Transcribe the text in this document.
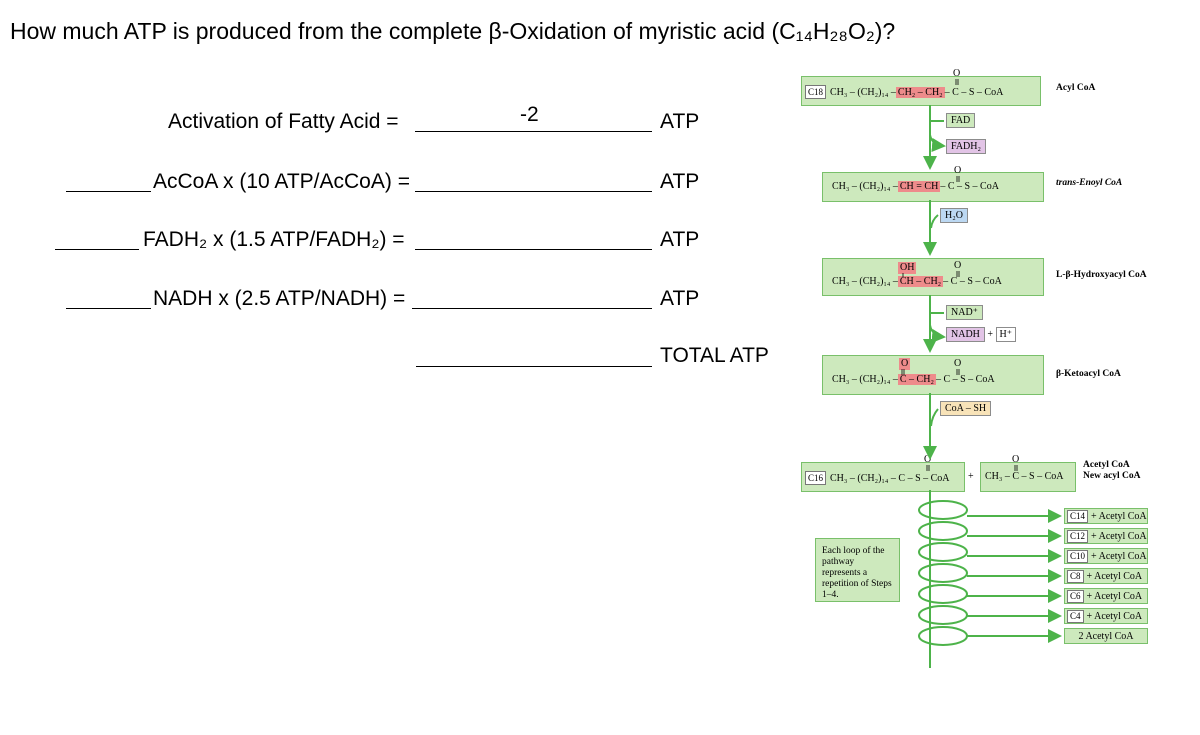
How much ATP is produced from the complete β-Oxidation of myristic acid (C₁₄H₂₈O₂)?
Activation of Fatty Acid =	-2	ATP
AcCoA x (10 ATP/AcCoA) =	ATP
FADH₂ x (1.5 ATP/FADH₂) =	ATP
NADH x (2.5 ATP/NADH) =	ATP
TOTAL ATP
C18 CH₃ – (CH₂)₁₄ – CH₂ – CH₂ – C – S – CoA
O
Acyl CoA
FAD
FADH₂
CH₃ – (CH₂)₁₄ – CH = CH – C – S – CoA
O
trans-Enoyl CoA
H₂O
CH₃ – (CH₂)₁₄ – CH – CH₂ – C – S – CoA
OH	O
L-β-Hydroxyacyl CoA
NAD⁺
NADH + H⁺
CH₃ – (CH₂)₁₄ – C – CH₂ – C – S – CoA
O	O
β-Ketoacyl CoA
CoA – SH
C16 CH₃ – (CH₂)₁₄ – C – S – CoA
O
+ CH₃ – C – S – CoA
O	Acetyl CoA
New acyl CoA
Each loop of the pathway represents a repetition of Steps 1–4.
C14 + Acetyl CoA
C12 + Acetyl CoA
C10 + Acetyl CoA
C8 + Acetyl CoA
C6 + Acetyl CoA
C4 + Acetyl CoA
2 Acetyl CoA
